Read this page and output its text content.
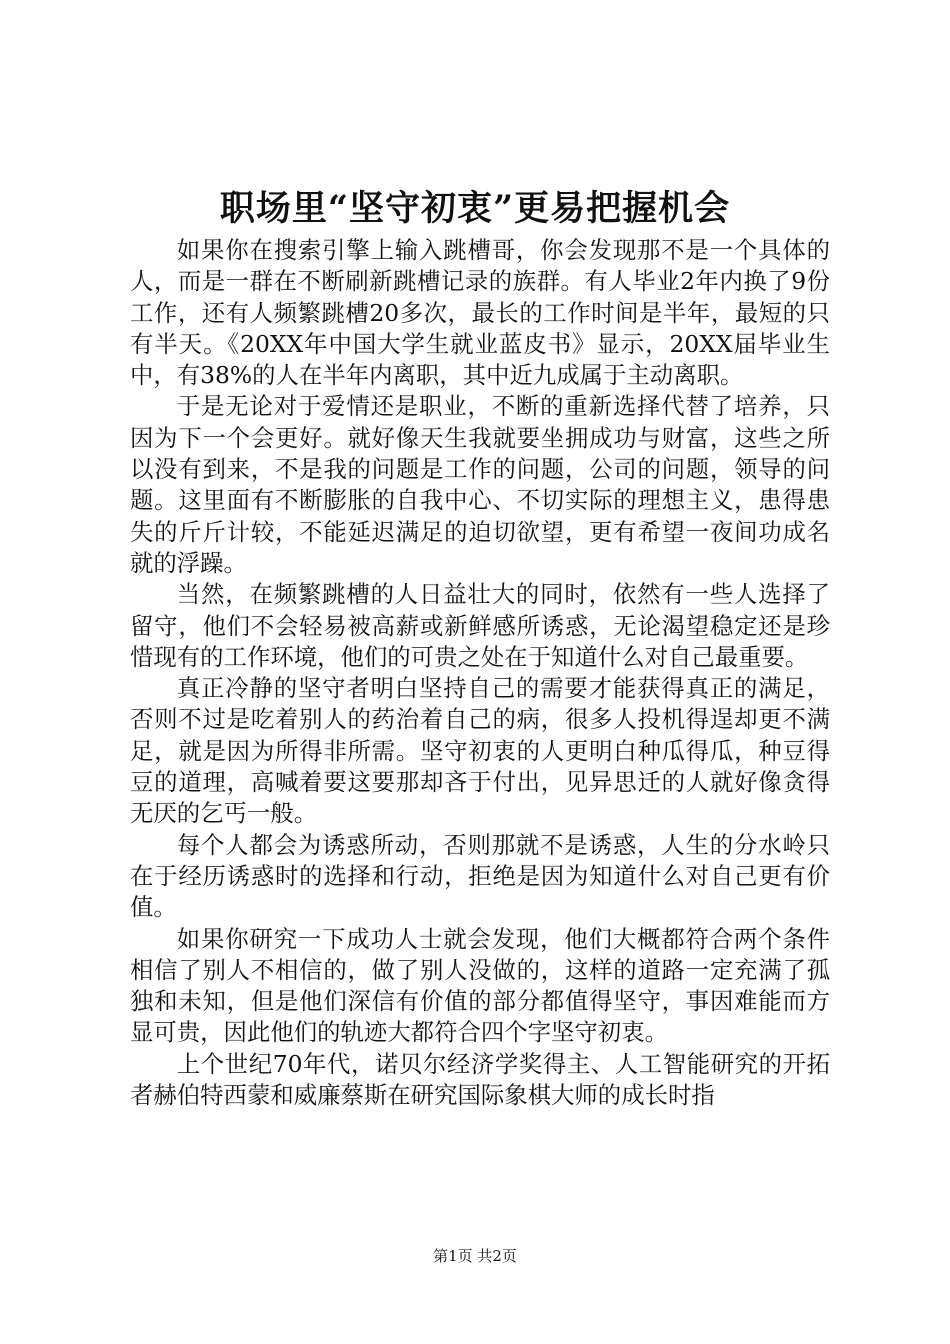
职场里“坚守初衷”更易把握机会

如果你在搜索引擎上输入跳槽哥，你会发现那不是一个具体的人，而是一群在不断刷新跳槽记录的族群。有人毕业2年内换了9份工作，还有人频繁跳槽20多次，最长的工作时间是半年，最短的只有半天。《20XX年中国大学生就业蓝皮书》显示，20XX届毕业生中，有38%的人在半年内离职，其中近九成属于主动离职。

于是无论对于爱情还是职业，不断的重新选择代替了培养，只因为下一个会更好。就好像天生我就要坐拥成功与财富，这些之所以没有到来，不是我的问题是工作的问题，公司的问题，领导的问题。这里面有不断膨胀的自我中心、不切实际的理想主义，患得患失的斤斤计较，不能延迟满足的迫切欲望，更有希望一夜间功成名就的浮躁。

当然，在频繁跳槽的人日益壮大的同时，依然有一些人选择了留守，他们不会轻易被高薪或新鲜感所诱惑，无论渴望稳定还是珍惜现有的工作环境，他们的可贵之处在于知道什么对自己最重要。

真正冷静的坚守者明白坚持自己的需要才能获得真正的满足，否则不过是吃着别人的药治着自己的病，很多人投机得逞却更不满足，就是因为所得非所需。坚守初衷的人更明白种瓜得瓜，种豆得豆的道理，高喊着要这要那却吝于付出，见异思迁的人就好像贪得无厌的乞丐一般。

每个人都会为诱惑所动，否则那就不是诱惑，人生的分水岭只在于经历诱惑时的选择和行动，拒绝是因为知道什么对自己更有价值。

如果你研究一下成功人士就会发现，他们大概都符合两个条件相信了别人不相信的，做了别人没做的，这样的道路一定充满了孤独和未知，但是他们深信有价值的部分都值得坚守，事因难能而方显可贵，因此他们的轨迹大都符合四个字坚守初衷。

上个世纪70年代，诺贝尔经济学奖得主、人工智能研究的开拓者赫伯特西蒙和威廉蔡斯在研究国际象棋大师的成长时指

第1页 共2页
